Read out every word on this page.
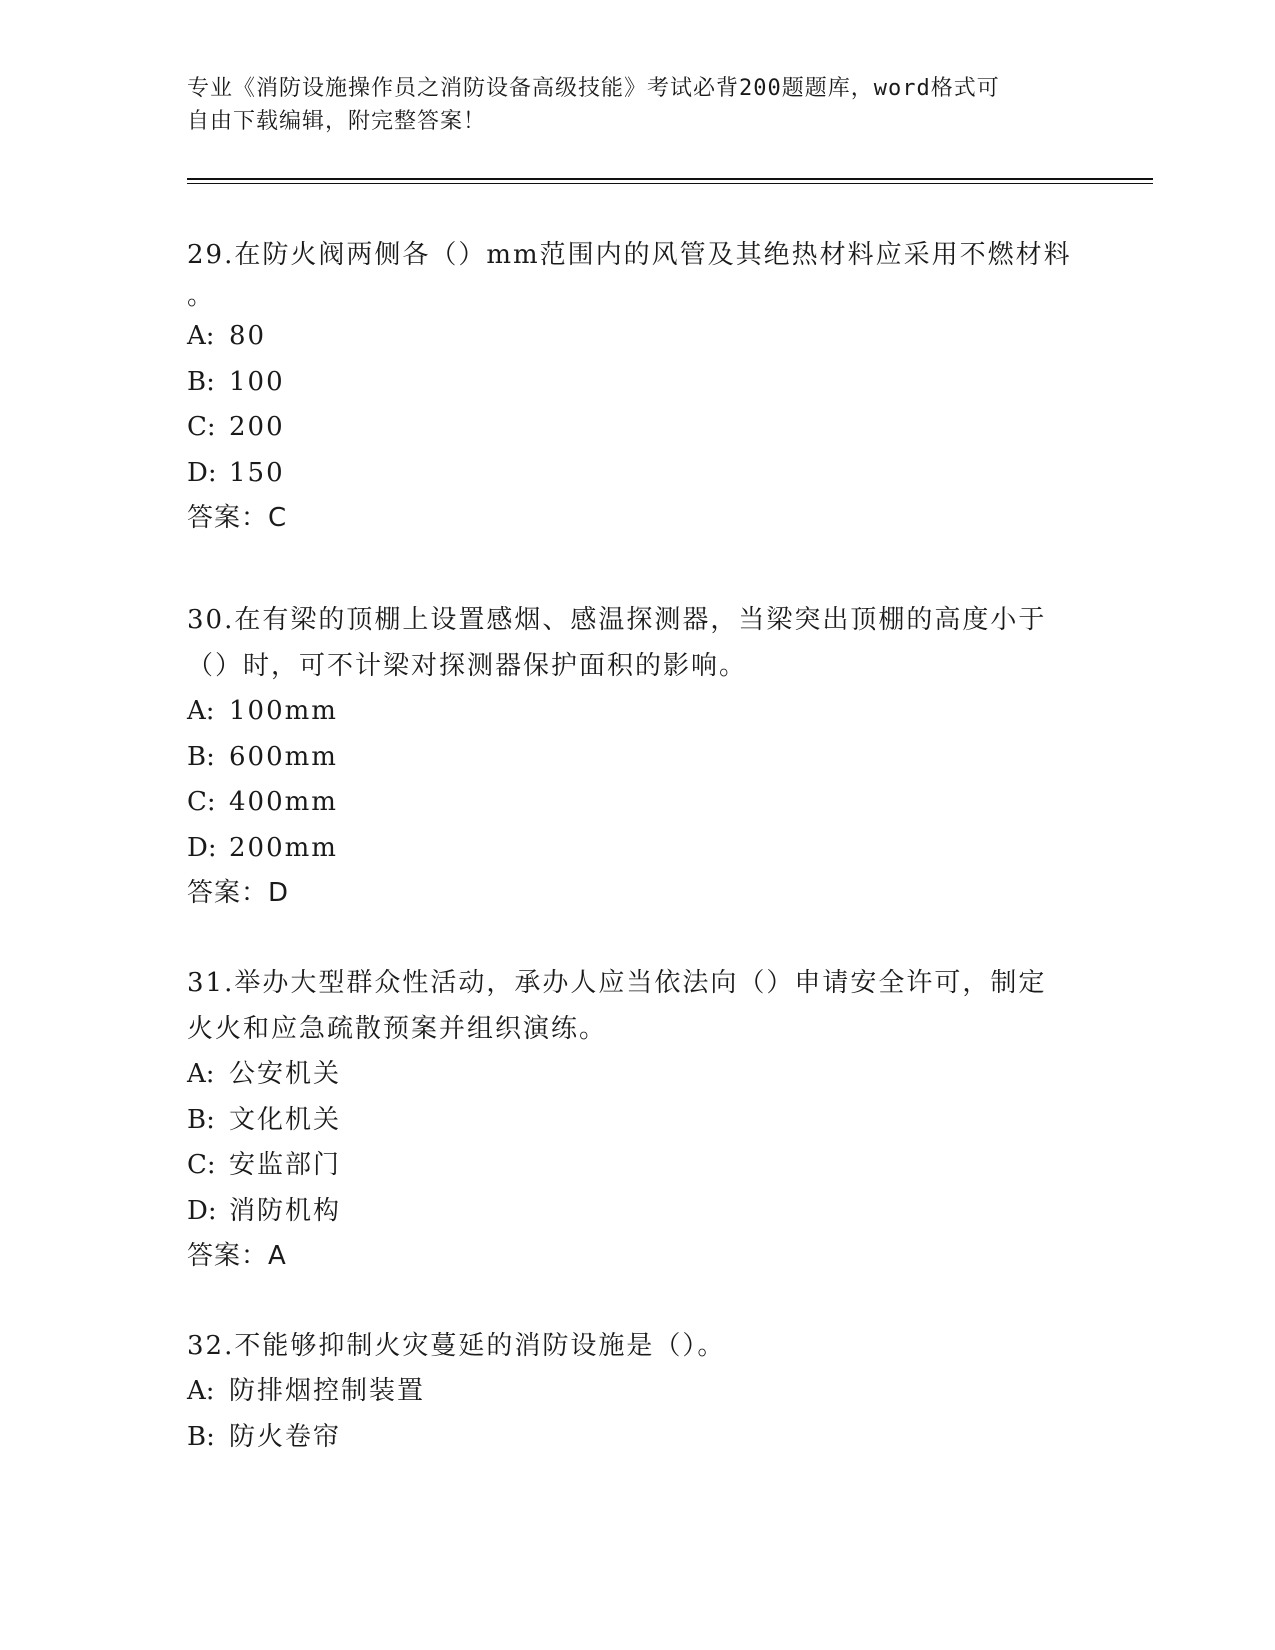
专业《消防设施操作员之消防设备高级技能》考试必背200题题库，word格式可
自由下载编辑，附完整答案！

29.在防火阀两侧各（）mm范围内的风管及其绝热材料应采用不燃材料

。

A: 80

B: 100

C: 200

D: 150

答案：C

30.在有梁的顶棚上设置感烟、感温探测器，当梁突出顶棚的高度小于

（）时，可不计梁对探测器保护面积的影响。

A: 100mm

B: 600mm

C: 400mm

D: 200mm

答案：D

31.举办大型群众性活动，承办人应当依法向（）申请安全许可，制定

火火和应急疏散预案并组织演练。

A: 公安机关

B: 文化机关

C: 安监部门

D: 消防机构

答案：A

32.不能够抑制火灾蔓延的消防设施是（）。

A: 防排烟控制装置

B: 防火卷帘
